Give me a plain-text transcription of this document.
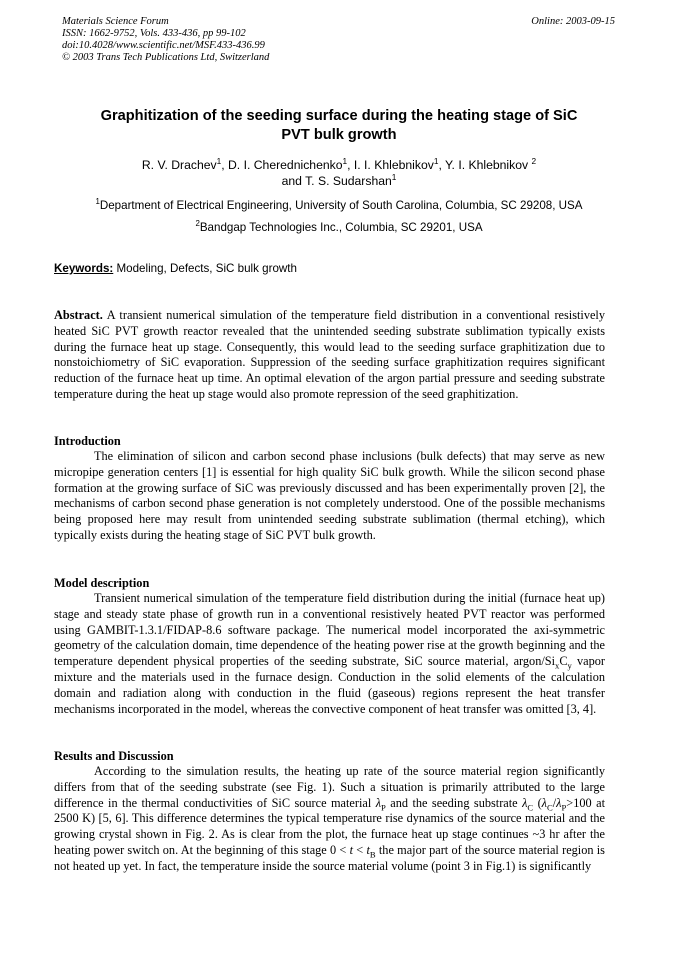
Materials Science Forum
ISSN: 1662-9752, Vols. 433-436, pp 99-102
doi:10.4028/www.scientific.net/MSF.433-436.99
© 2003 Trans Tech Publications Ltd, Switzerland
Online: 2003-09-15
Graphitization of the seeding surface during the heating stage of SiC
PVT bulk growth
R. V. Drachev$^1$, D. I. Cherednichenko$^1$, I. I. Khlebnikov$^1$, Y. I. Khlebnikov $^2$
and T. S. Sudarshan$^1$
$^1$Department of Electrical Engineering, University of South Carolina, Columbia, SC 29208, USA
$^2$Bandgap Technologies Inc., Columbia, SC 29201, USA
Keywords: Modeling, Defects, SiC bulk growth
Abstract. A transient numerical simulation of the temperature field distribution in a conventional resistively heated SiC PVT growth reactor revealed that the unintended seeding substrate sublimation typically exists during the furnace heat up stage. Consequently, this would lead to the seeding surface graphitization due to nonstoichiometry of SiC evaporation. Suppression of the seeding surface graphitization requires significant reduction of the furnace heat up time. An optimal elevation of the argon partial pressure and seeding substrate temperature during the heat up stage would also promote repression of the seed graphitization.
Introduction
The elimination of silicon and carbon second phase inclusions (bulk defects) that may serve as new micropipe generation centers [1] is essential for high quality SiC bulk growth. While the silicon second phase formation at the growing surface of SiC was previously discussed and has been experimentally proven [2], the mechanisms of carbon second phase generation is not completely understood. One of the possible mechanisms being proposed here may result from unintended seeding substrate sublimation (thermal etching), which typically exists during the heating stage of SiC PVT bulk growth.
Model description
Transient numerical simulation of the temperature field distribution during the initial (furnace heat up) stage and steady state phase of growth run in a conventional resistively heated PVT reactor was performed using GAMBIT-1.3.1/FIDAP-8.6 software package. The numerical model incorporated the axi-symmetric geometry of the calculation domain, time dependence of the heating power rise at the growth beginning and the temperature dependent physical properties of the seeding substrate, SiC source material, argon/$Si_xC_y$ vapor mixture and the materials used in the furnace design. Conduction in the solid elements of the calculation domain and radiation along with conduction in the fluid (gaseous) regions represent the heat transfer mechanisms incorporated in the model, whereas the convective component of heat transfer was omitted [3, 4].
Results and Discussion
According to the simulation results, the heating up rate of the source material region significantly differs from that of the seeding substrate (see Fig. 1). Such a situation is primarily attributed to the large difference in the thermal conductivities of SiC source material $\lambda_P$ and the seeding substrate $\lambda_C$ ($\lambda_C/\lambda_P>100$ at 2500 K) [5, 6]. This difference determines the typical temperature rise dynamics of the source material and the growing crystal shown in Fig. 2. As is clear from the plot, the furnace heat up stage continues ~3 hr after the heating power switch on. At the beginning of this stage $0 < t < t_B$ the major part of the source material region is not heated up yet. In fact, the temperature inside the source material volume (point 3 in Fig.1) is significantly
